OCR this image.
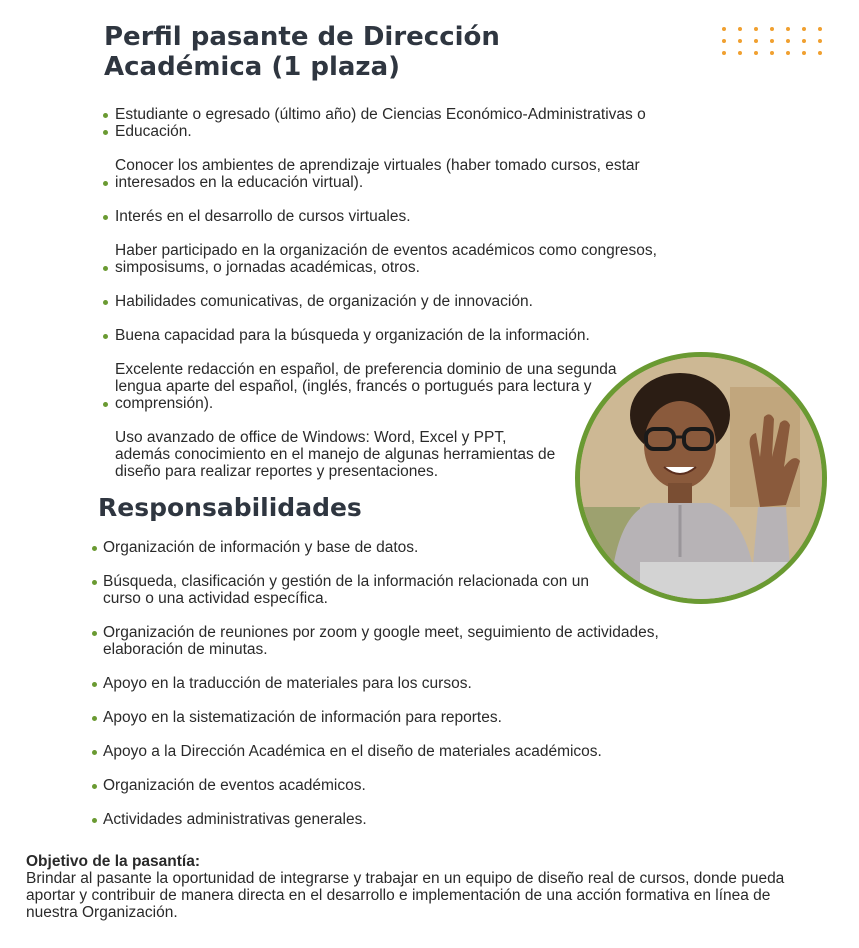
Perfil pasante de Dirección Académica (1 plaza)
Estudiante o egresado (último año) de Ciencias Económico-Administrativas o Educación.
Conocer los ambientes de aprendizaje virtuales (haber tomado cursos, estar interesados en la educación virtual).
Interés en el desarrollo de cursos virtuales.
Haber participado en la organización de eventos académicos como congresos, simposisums, o jornadas académicas, otros.
Habilidades comunicativas, de organización y de innovación.
Buena capacidad para la búsqueda y organización de la información.
Excelente redacción en español, de preferencia dominio de una segunda lengua aparte del español, (inglés, francés o portugués para lectura y comprensión).
Uso avanzado de office de Windows: Word, Excel y PPT, además conocimiento en el manejo de algunas herramientas de diseño para realizar reportes y presentaciones.
Responsabilidades
Organización de información y base de datos.
Búsqueda, clasificación y gestión de la información relacionada con un curso o una actividad específica.
Organización de reuniones por zoom y google meet, seguimiento de actividades, elaboración de minutas.
Apoyo en la traducción de materiales para los cursos.
Apoyo en la sistematización de información para reportes.
Apoyo a la Dirección Académica en el diseño de materiales académicos.
Organización de eventos académicos.
Actividades administrativas generales.
Objetivo de la pasantía:
Brindar al pasante la oportunidad de integrarse y trabajar en un equipo de diseño real de cursos, donde pueda aportar y contribuir de manera directa en el desarrollo e implementación de una acción formativa en línea de nuestra Organización.
